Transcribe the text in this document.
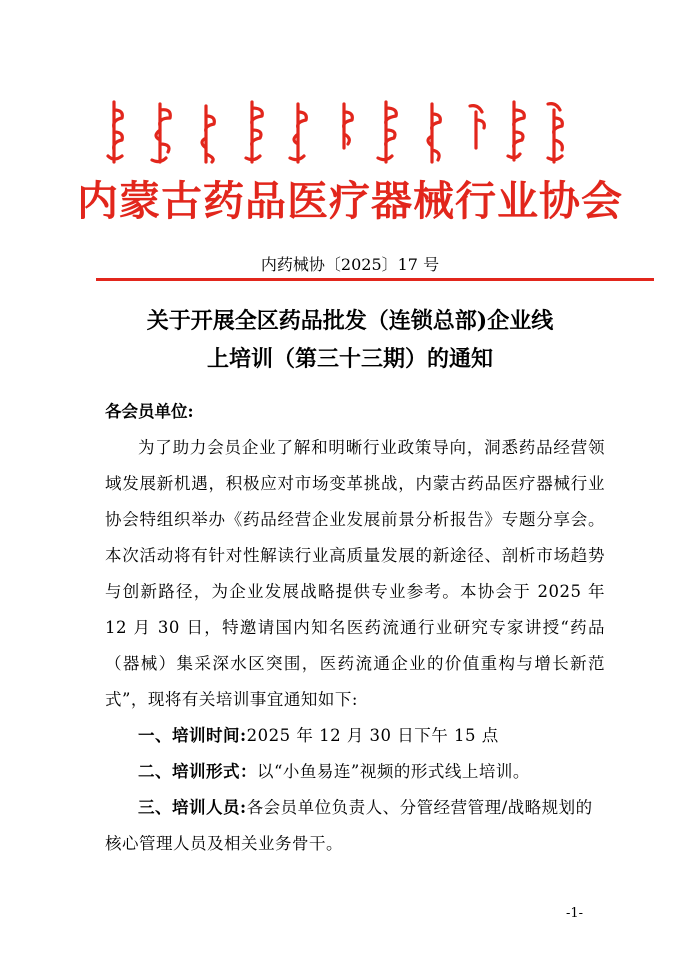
内蒙古药品医疗器械行业协会
内药械协〔2025〕17 号
关于开展全区药品批发（连锁总部)企业线
上培训（第三十三期）的通知

各会员单位:

为了助力会员企业了解和明晰行业政策导向，洞悉药品经营领域发展新机遇，积极应对市场变革挑战，内蒙古药品医疗器械行业协会特组织举办《药品经营企业发展前景分析报告》专题分享会。本次活动将有针对性解读行业高质量发展的新途径、剖析市场趋势与创新路径，为企业发展战略提供专业参考。本协会于 2025 年 12 月 30 日，特邀请国内知名医药流通行业研究专家讲授“药品（器械）集采深水区突围，医药流通企业的价值重构与增长新范式”，现将有关培训事宜通知如下:

一、培训时间:2025 年 12 月 30 日下午 15 点

二、培训形式：以“小鱼易连”视频的形式线上培训。

三、培训人员:各会员单位负责人、分管经营管理/战略规划的核心管理人员及相关业务骨干。

-1-
